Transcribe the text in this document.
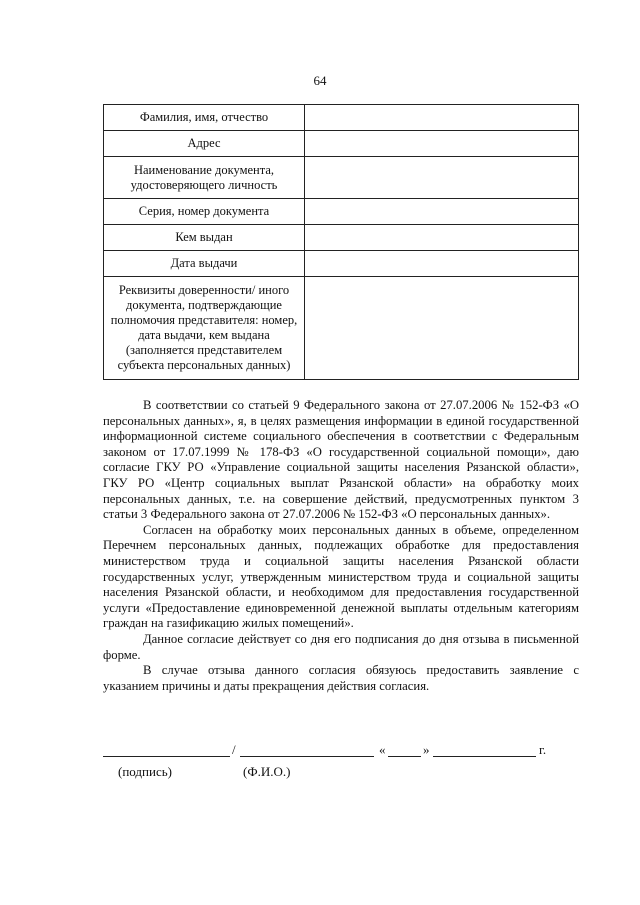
64
Фамилия, имя, отчество	
Адрес	
Наименование документа, удостоверяющего личность	
Серия, номер документа	
Кем выдан	
Дата выдачи	
Реквизиты доверенности/ иного документа, подтверждающие полномочия представителя: номер, дата выдачи, кем выдана (заполняется представителем субъекта персональных данных)	

В соответствии со статьей 9 Федерального закона от 27.07.2006 № 152-ФЗ «О персональных данных», я, в целях размещения информации в единой государственной информационной системе социального обеспечения в соответствии с Федеральным законом от 17.07.1999 № 178-ФЗ «О государственной социальной помощи», даю согласие ГКУ РО «Управление социальной защиты населения Рязанской области», ГКУ РО «Центр социальных выплат Рязанской области» на обработку моих персональных данных, т.е. на совершение действий, предусмотренных пунктом 3 статьи 3 Федерального закона от 27.07.2006 № 152-ФЗ «О персональных данных».

Согласен на обработку моих персональных данных в объеме, определенном Перечнем персональных данных, подлежащих обработке для предоставления министерством труда и социальной защиты населения Рязанской области государственных услуг, утвержденным министерством труда и социальной защиты населения Рязанской области, и необходимом для предоставления государственной услуги «Предоставление единовременной денежной выплаты отдельным категориям граждан на газификацию жилых помещений».

Данное согласие действует со дня его подписания до дня отзыва в письменной форме.

В случае отзыва данного согласия обязуюсь предоставить заявление с указанием причины и даты прекращения действия согласия.

/	«	»	г.
(подпись)	(Ф.И.О.)
